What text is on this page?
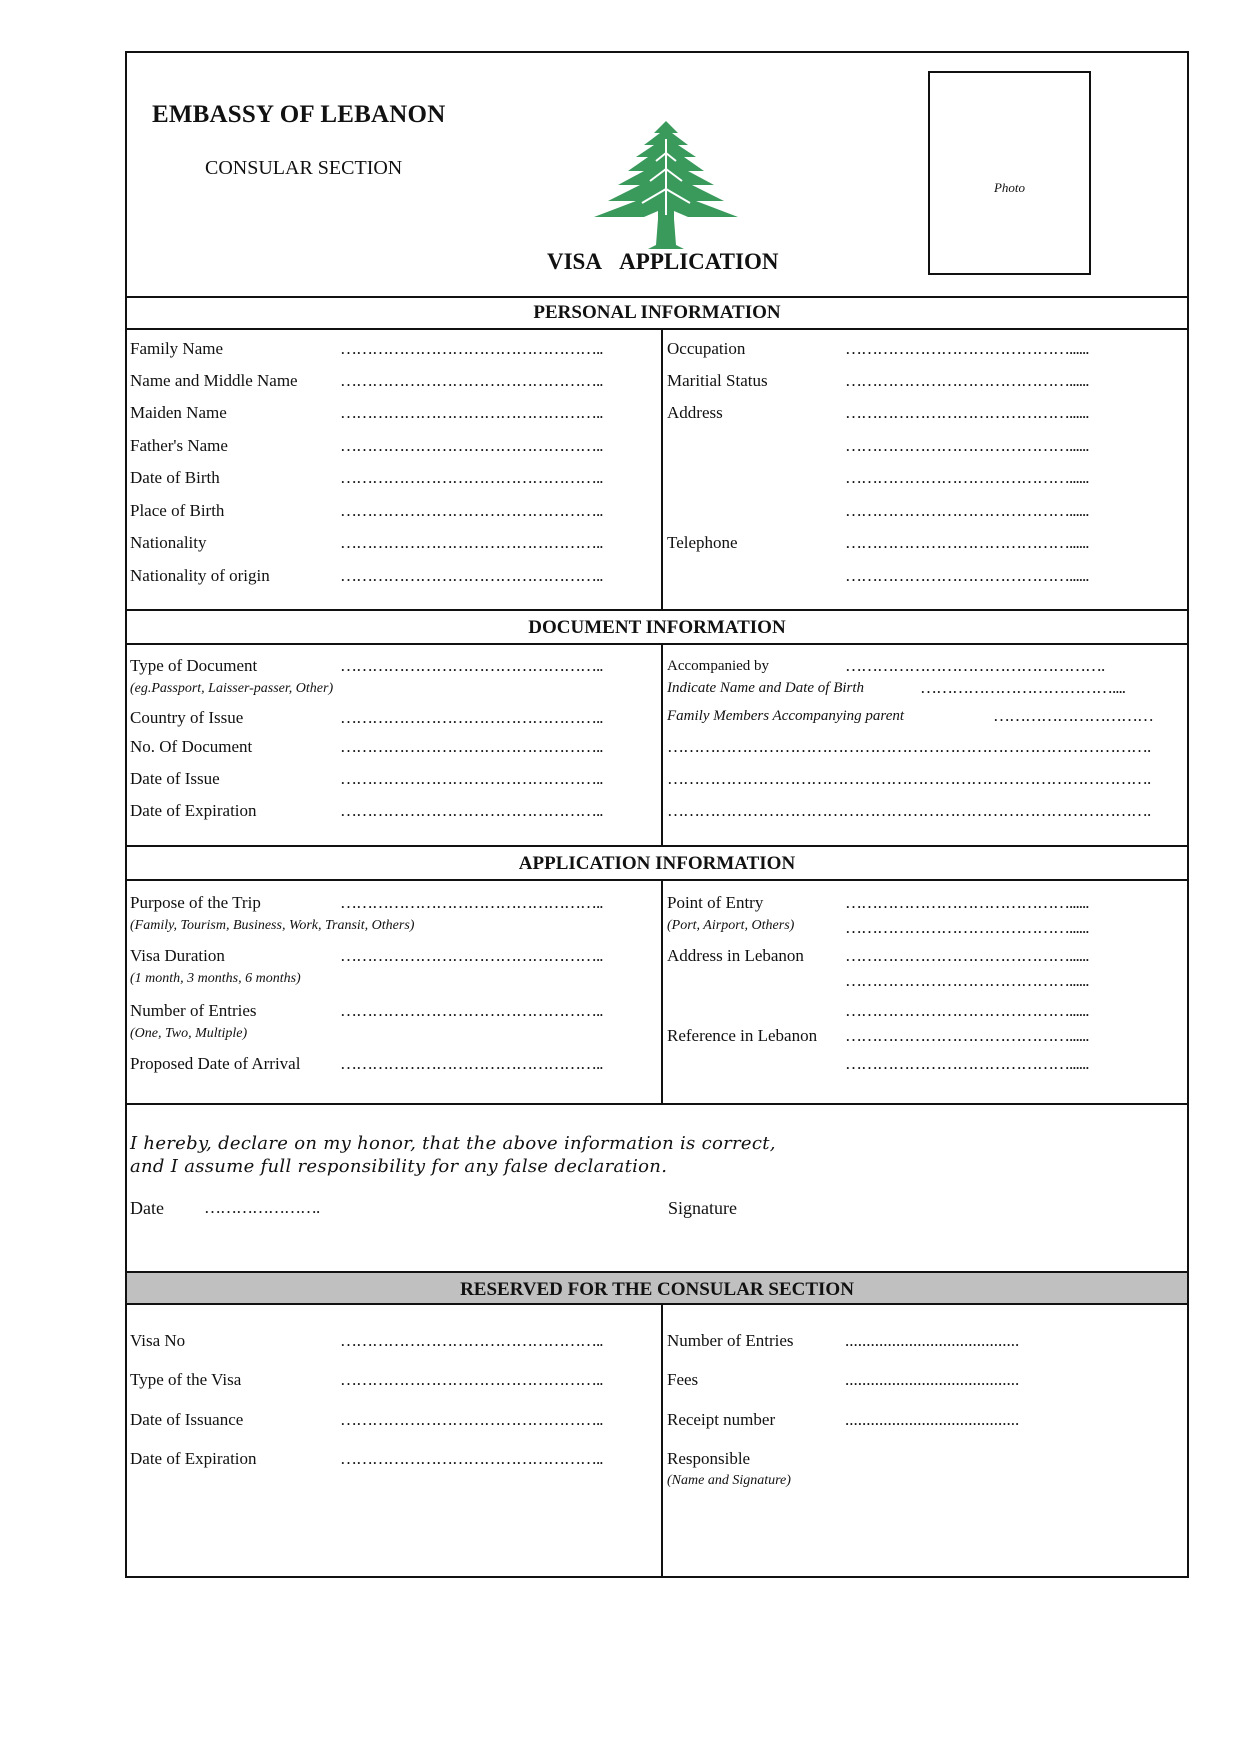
EMBASSY OF LEBANON
CONSULAR SECTION
VISA APPLICATION
Photo
PERSONAL INFORMATION
Family Name	…………………………………………..
Name and Middle Name …………………………………………..
Maiden Name	…………………………………………..
Father's Name	…………………………………………..
Date of Birth	…………………………………………..
Place of Birth	…………………………………………..
Nationality	…………………………………………..
Nationality of origin	…………………………………………..
Occupation	……………………………………......
Maritial Status	……………………………………......
Address	……………………………………......
……………………………………......
……………………………………......
……………………………………......
Telephone	……………………………………......
……………………………………......
DOCUMENT INFORMATION
Type of Document	…………………………………………..
(eg.Passport, Laisser-passer, Other)
Country of Issue	…………………………………………..
No. Of Document	…………………………………………..
Date of Issue	…………………………………………..
Date of Expiration	…………………………………………..
Accompanied by	………………………………………….
Indicate Name and Date of Birth	………………………………....
Family Members Accompanying parent	…………………………
……………………………………………………………………………….
……………………………………………………………………………….
……………………………………………………………………………….
APPLICATION INFORMATION
Purpose of the Trip	…………………………………………..
(Family, Tourism, Business, Work, Transit, Others)
Visa Duration	…………………………………………..
(1 month, 3 months, 6 months)
Number of Entries	…………………………………………..
(One, Two, Multiple)
Proposed Date of Arrival …………………………………………..
Point of Entry	……………………………………......
(Port, Airport, Others)	……………………………………......
Address in Lebanon ……………………………………......
……………………………………......
……………………………………......
Reference in Lebanon ……………………………………......
……………………………………......
I hereby, declare on my honor, that the above information is correct,
and I assume full responsibility for any false declaration.
Date ………………….	Signature
RESERVED FOR THE CONSULAR SECTION
Visa No	…………………………………………..
Type of the Visa	…………………………………………..
Date of Issuance	…………………………………………..
Date of Expiration	…………………………………………..
Number of Entries	.........................................
Fees	.........................................
Receipt number	.........................................
Responsible
(Name and Signature)
